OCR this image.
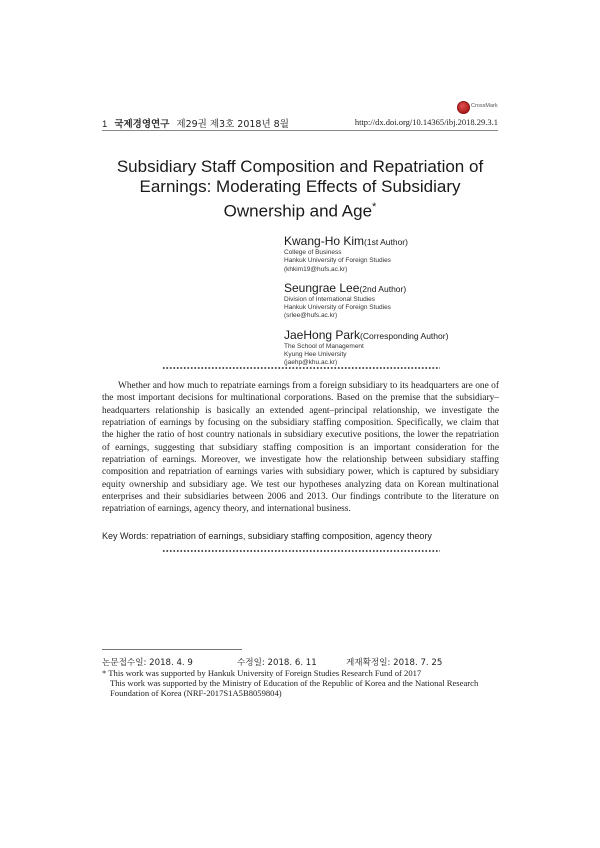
CrossMark
1 국제경영연구 제29권 제3호 2018년 8월	http://dx.doi.org/10.14365/ibj.2018.29.3.1
Subsidiary Staff Composition and Repatriation of
Earnings: Moderating Effects of Subsidiary
Ownership and Age*
Kwang-Ho Kim(1st Author)
College of Business
Hankuk University of Foreign Studies
(khkim19@hufs.ac.kr)
Seungrae Lee(2nd Author)
Division of International Studies
Hankuk University of Foreign Studies
(srlee@hufs.ac.kr)
JaeHong Park(Corresponding Author)
The School of Management
Kyung Hee University
(jaehp@khu.ac.kr)

Whether and how much to repatriate earnings from a foreign subsidiary to its headquarters are one of the most important decisions for multinational corporations. Based on the premise that the subsidiary–headquarters relationship is basically an extended agent–principal relationship, we investigate the repatriation of earnings by focusing on the subsidiary staffing composition. Specifically, we claim that the higher the ratio of host country nationals in subsidiary executive positions, the lower the repatriation of earnings, suggesting that subsidiary staffing composition is an important consideration for the repatriation of earnings. Moreover, we investigate how the relationship between subsidiary staffing composition and repatriation of earnings varies with subsidiary power, which is captured by subsidiary equity ownership and subsidiary age. We test our hypotheses analyzing data on Korean multinational enterprises and their subsidiaries between 2006 and 2013. Our findings contribute to the literature on repatriation of earnings, agency theory, and international business.

Key Words: repatriation of earnings, subsidiary staffing composition, agency theory
논문접수일: 2018. 4. 9	수정일: 2018. 6. 11	게재확정일: 2018. 7. 25

* This work was supported by Hankuk University of Foreign Studies Research Fund of 2017

This work was supported by the Ministry of Education of the Republic of Korea and the National Research

Foundation of Korea (NRF-2017S1A5B8059804)
